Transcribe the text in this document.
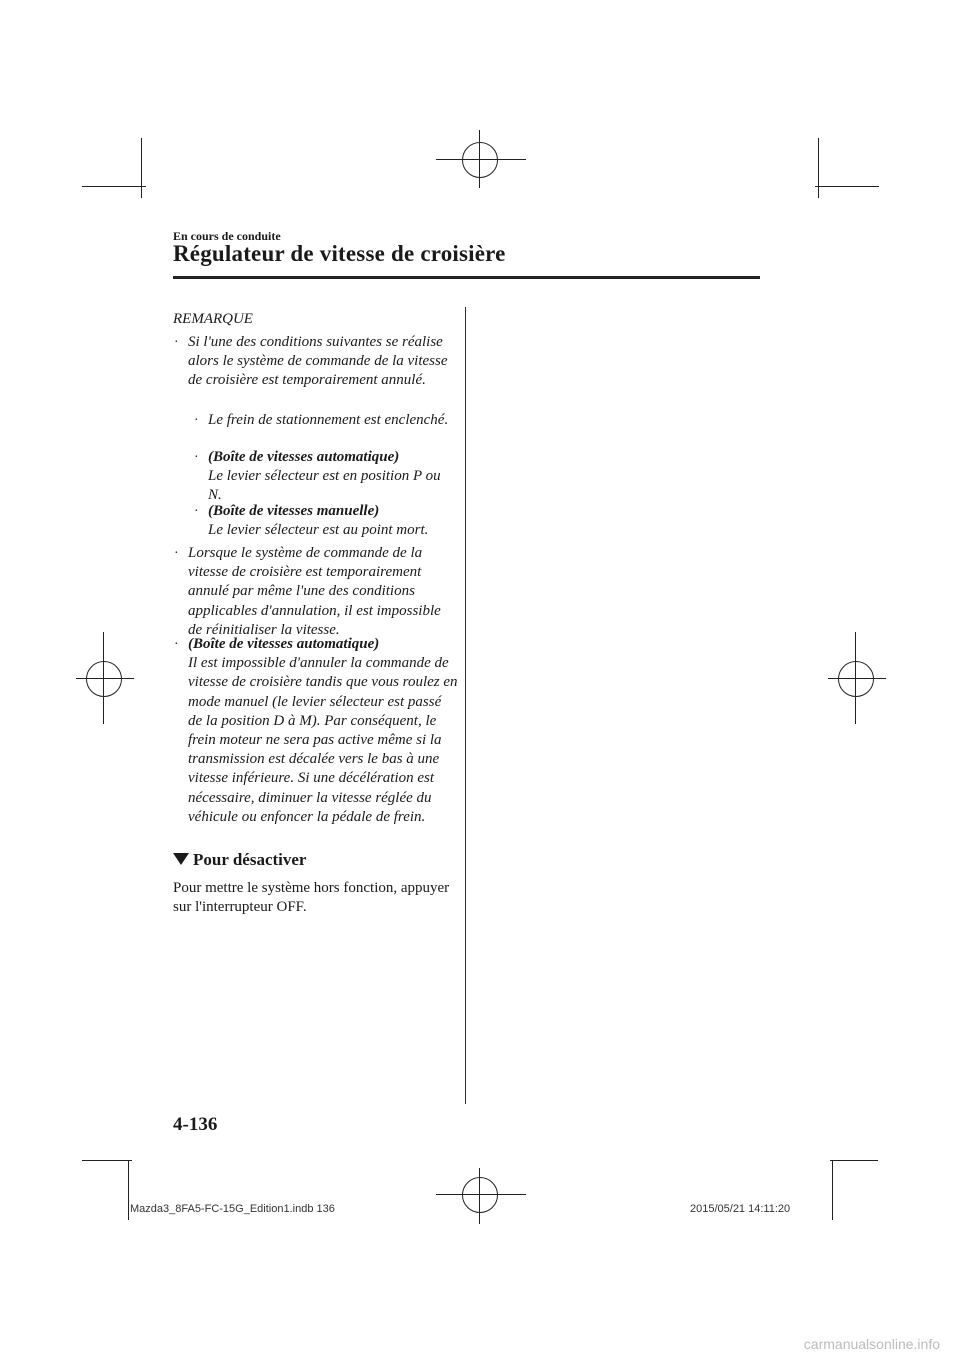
En cours de conduite
Régulateur de vitesse de croisière
REMARQUE
· Si l'une des conditions suivantes se réalise alors le système de commande de la vitesse de croisière est temporairement annulé.
· Le frein de stationnement est enclenché.
· (Boîte de vitesses automatique)
Le levier sélecteur est en position P ou N.
· (Boîte de vitesses manuelle)
Le levier sélecteur est au point mort.
· Lorsque le système de commande de la vitesse de croisière est temporairement annulé par même l'une des conditions applicables d'annulation, il est impossible de réinitialiser la vitesse.
· (Boîte de vitesses automatique)
Il est impossible d'annuler la commande de vitesse de croisière tandis que vous roulez en mode manuel (le levier sélecteur est passé de la position D à M). Par conséquent, le frein moteur ne sera pas active même si la transmission est décalée vers le bas à une vitesse inférieure. Si une décélération est nécessaire, diminuer la vitesse réglée du véhicule ou enfoncer la pédale de frein.
Pour désactiver
Pour mettre le système hors fonction, appuyer sur l'interrupteur OFF.
4-136
Mazda3_8FA5-FC-15G_Edition1.indb 136	2015/05/21 14:11:20
carmanualsonline.info
